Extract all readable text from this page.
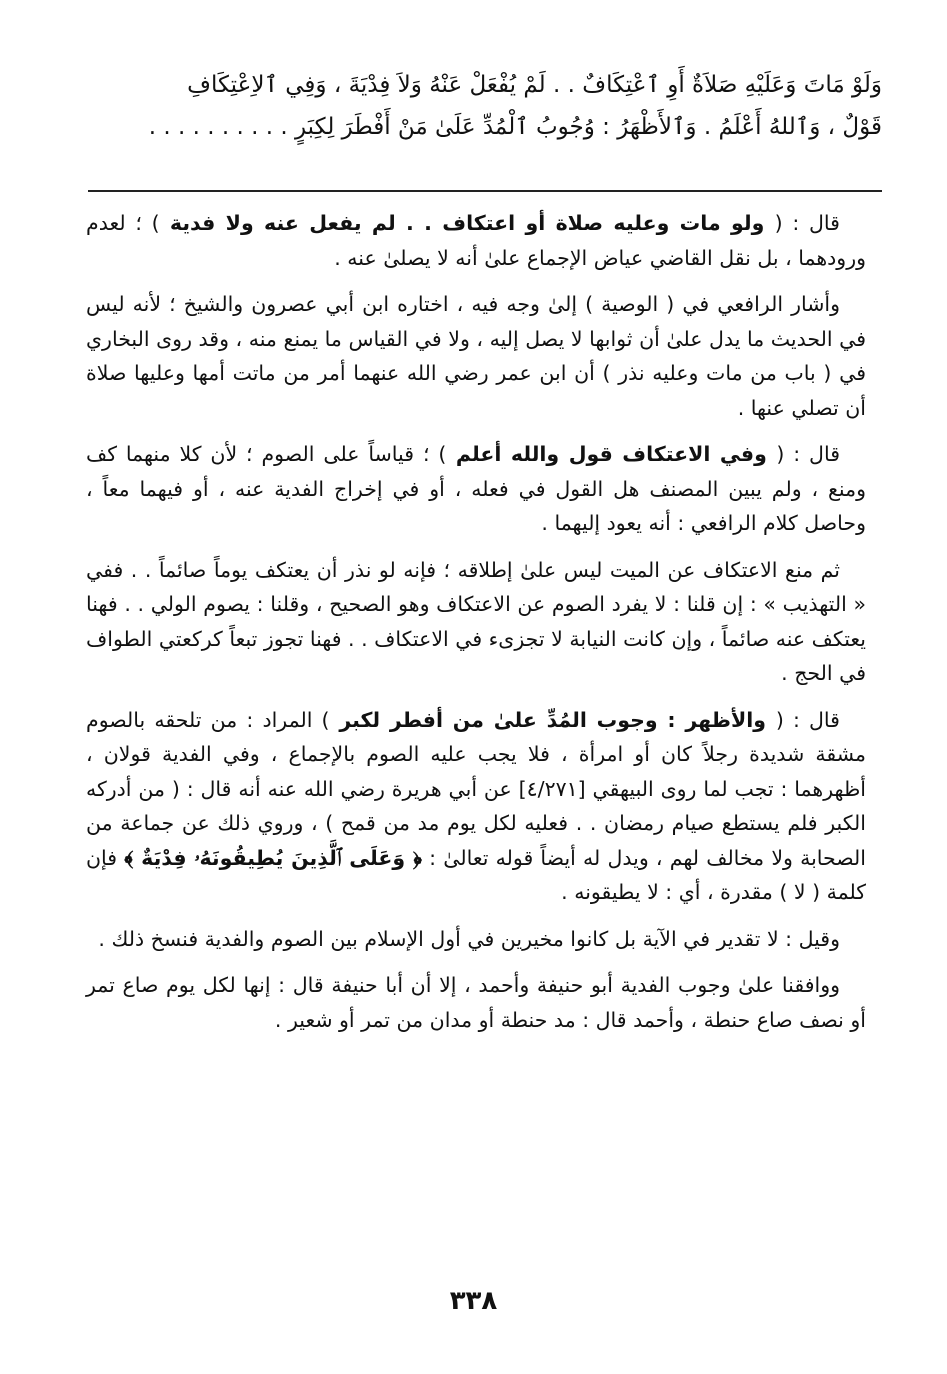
وَلَوْ مَاتَ وَعَلَيْهِ صَلاَةٌ أَوِ ٱعْتِكَافٌ . . لَمْ يُفْعَلْ عَنْهُ وَلاَ فِدْيَةَ ، وَفِي ٱلاِعْتِكَافِ

قَوْلٌ ، وَٱللهُ أَعْلَمُ . وَٱلأَظْهَرُ : وُجُوبُ ٱلْمُدِّ عَلَىٰ مَنْ أَفْطَرَ لِكِبَرٍ . . . . . . . . . .

قال : ( ولو مات وعليه صلاة أو اعتكاف . . لم يفعل عنه ولا فدية ) ؛ لعدم ورودهما ، بل نقل القاضي عياض الإجماع علىٰ أنه لا يصلىٰ عنه .

وأشار الرافعي في ( الوصية ) إلىٰ وجه فيه ، اختاره ابن أبي عصرون والشيخ ؛ لأنه ليس في الحديث ما يدل علىٰ أن ثوابها لا يصل إليه ، ولا في القياس ما يمنع منه ، وقد روى البخاري في ( باب من مات وعليه نذر ) أن ابن عمر رضي الله عنهما أمر من ماتت أمها وعليها صلاة أن تصلي عنها .

قال : ( وفي الاعتكاف قول والله أعلم ) ؛ قياساً على الصوم ؛ لأن كلا منهما كف ومنع ، ولم يبين المصنف هل القول في فعله ، أو في إخراج الفدية عنه ، أو فيهما معاً ، وحاصل كلام الرافعي : أنه يعود إليهما .

ثم منع الاعتكاف عن الميت ليس علىٰ إطلاقه ؛ فإنه لو نذر أن يعتكف يوماً صائماً . . ففي « التهذيب » : إن قلنا : لا يفرد الصوم عن الاعتكاف وهو الصحيح ، وقلنا : يصوم الولي . . فهنا يعتكف عنه صائماً ، وإن كانت النيابة لا تجزىء في الاعتكاف . . فهنا تجوز تبعاً كركعتي الطواف في الحج .

قال : ( والأظهر : وجوب المُدِّ علىٰ من أفطر لكبر ) المراد : من تلحقه بالصوم مشقة شديدة رجلاً كان أو امرأة ، فلا يجب عليه الصوم بالإجماع ، وفي الفدية قولان ، أظهرهما : تجب لما روى البيهقي [٤/٢٧١] عن أبي هريرة رضي الله عنه أنه قال : ( من أدركه الكبر فلم يستطع صيام رمضان . . فعليه لكل يوم مد من قمح ) ، وروي ذلك عن جماعة من الصحابة ولا مخالف لهم ، ويدل له أيضاً قوله تعالىٰ : ﴿ وَعَلَى ٱلَّذِينَ يُطِيقُونَهُۥ فِدْيَةٌ ﴾ فإن كلمة ( لا ) مقدرة ، أي : لا يطيقونه .

وقيل : لا تقدير في الآية بل كانوا مخيرين في أول الإسلام بين الصوم والفدية فنسخ ذلك .

ووافقنا علىٰ وجوب الفدية أبو حنيفة وأحمد ، إلا أن أبا حنيفة قال : إنها لكل يوم صاع تمر أو نصف صاع حنطة ، وأحمد قال : مد حنطة أو مدان من تمر أو شعير .

٣٣٨
